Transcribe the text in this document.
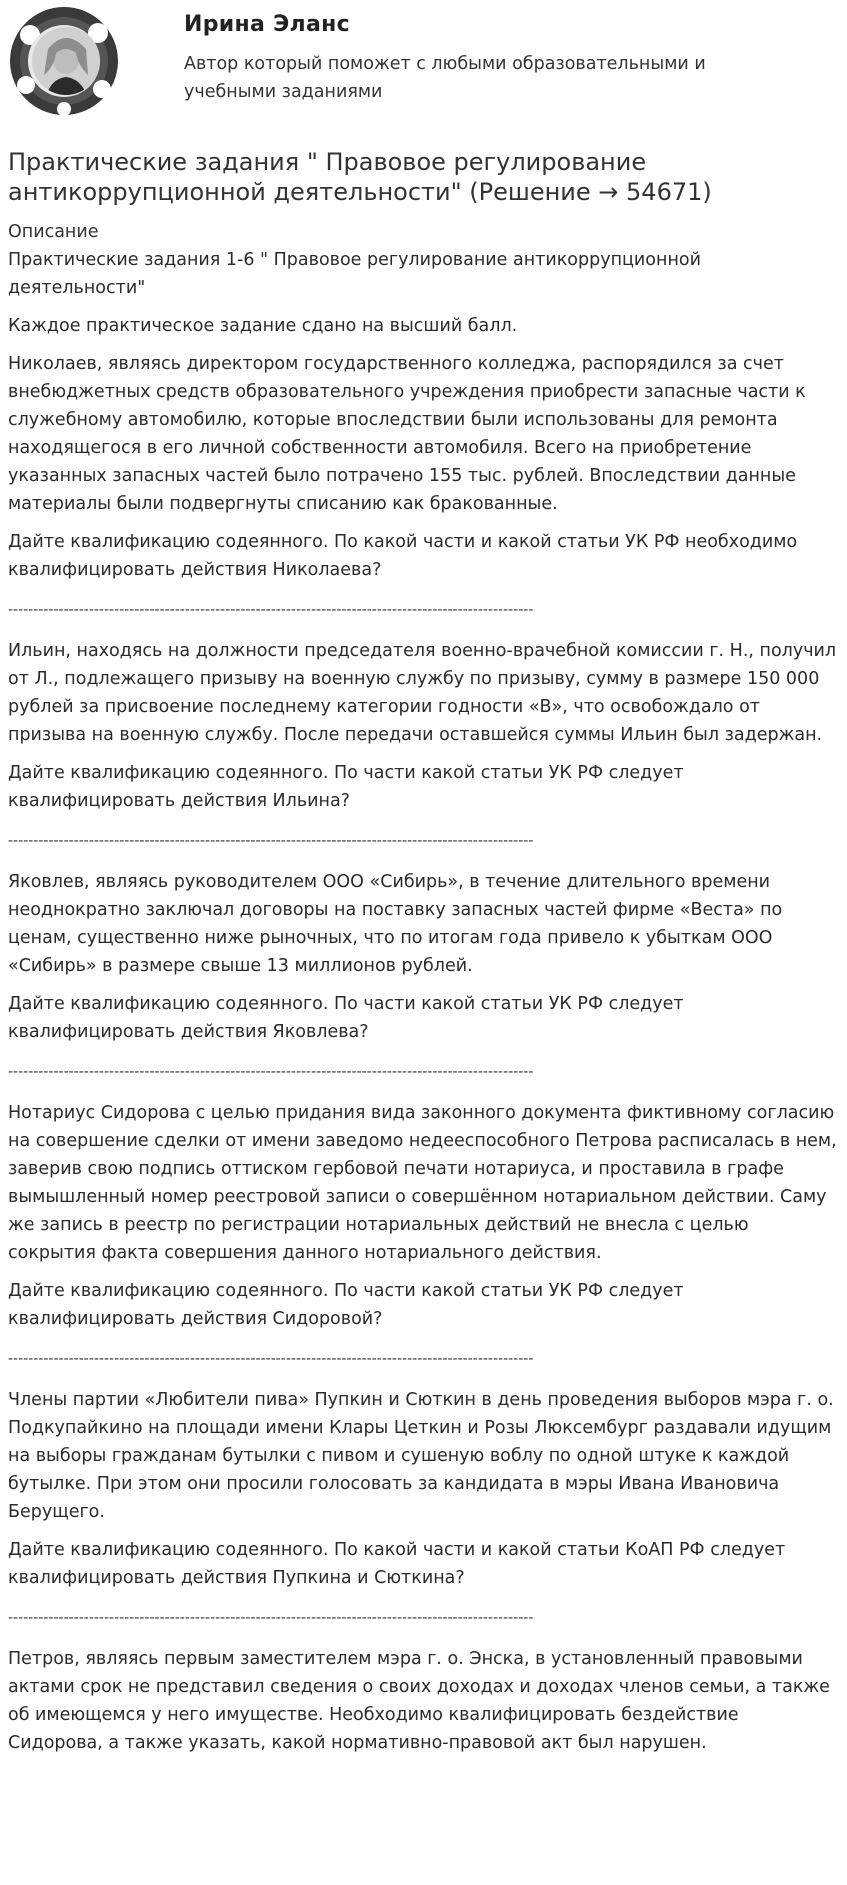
Ирина Эланс
Автор который поможет с любыми образовательными и учебными заданиями
Практические задания " Правовое регулирование антикоррупционной деятельности" (Решение → 54671)
Описание

Практические задания 1-6 " Правовое регулирование антикоррупционной деятельности"

Каждое практическое задание сдано на высший балл.

Николаев, являясь директором государственного колледжа, распорядился за счет внебюджетных средств образовательного учреждения приобрести запасные части к служебному автомобилю, которые впоследствии были использованы для ремонта находящегося в его личной собственности автомобиля. Всего на приобретение указанных запасных частей было потрачено 155 тыс. рублей. Впоследствии данные материалы были подвергнуты списанию как бракованные.

Дайте квалификацию содеянного. По какой части и какой статьи УК РФ необходимо квалифицировать действия Николаева?

--------------------------------------------------------------------------------------------------------

Ильин, находясь на должности председателя военно-врачебной комиссии г. Н., получил от Л., подлежащего призыву на военную службу по призыву, сумму в размере 150 000 рублей за присвоение последнему категории годности «В», что освобождало от призыва на военную службу. После передачи оставшейся суммы Ильин был задержан.

Дайте квалификацию содеянного. По части какой статьи УК РФ следует квалифицировать действия Ильина?

--------------------------------------------------------------------------------------------------------

Яковлев, являясь руководителем ООО «Сибирь», в течение длительного времени неоднократно заключал договоры на поставку запасных частей фирме «Веста» по ценам, существенно ниже рыночных, что по итогам года привело к убыткам ООО «Сибирь» в размере свыше 13 миллионов рублей.

Дайте квалификацию содеянного. По части какой статьи УК РФ следует квалифицировать действия Яковлева?

--------------------------------------------------------------------------------------------------------

Нотариус Сидорова с целью придания вида законного документа фиктивному согласию на совершение сделки от имени заведомо недееспособного Петрова расписалась в нем, заверив свою подпись оттиском гербовой печати нотариуса, и проставила в графе вымышленный номер реестровой записи о совершённом нотариальном действии. Саму же запись в реестр по регистрации нотариальных действий не внесла с целью сокрытия факта совершения данного нотариального действия.

Дайте квалификацию содеянного. По части какой статьи УК РФ следует квалифицировать действия Сидоровой?

--------------------------------------------------------------------------------------------------------

Члены партии «Любители пива» Пупкин и Сюткин в день проведения выборов мэра г. о. Подкупайкино на площади имени Клары Цеткин и Розы Люксембург раздавали идущим на выборы гражданам бутылки с пивом и сушеную воблу по одной штуке к каждой бутылке. При этом они просили голосовать за кандидата в мэры Ивана Ивановича Берущего.

Дайте квалификацию содеянного. По какой части и какой статьи КоАП РФ следует квалифицировать действия Пупкина и Сюткина?

--------------------------------------------------------------------------------------------------------

Петров, являясь первым заместителем мэра г. о. Энска, в установленный правовыми актами срок не представил сведения о своих доходах и доходах членов семьи, а также об имеющемся у него имуществе. Необходимо квалифицировать бездействие Сидорова, а также указать, какой нормативно-правовой акт был нарушен.
